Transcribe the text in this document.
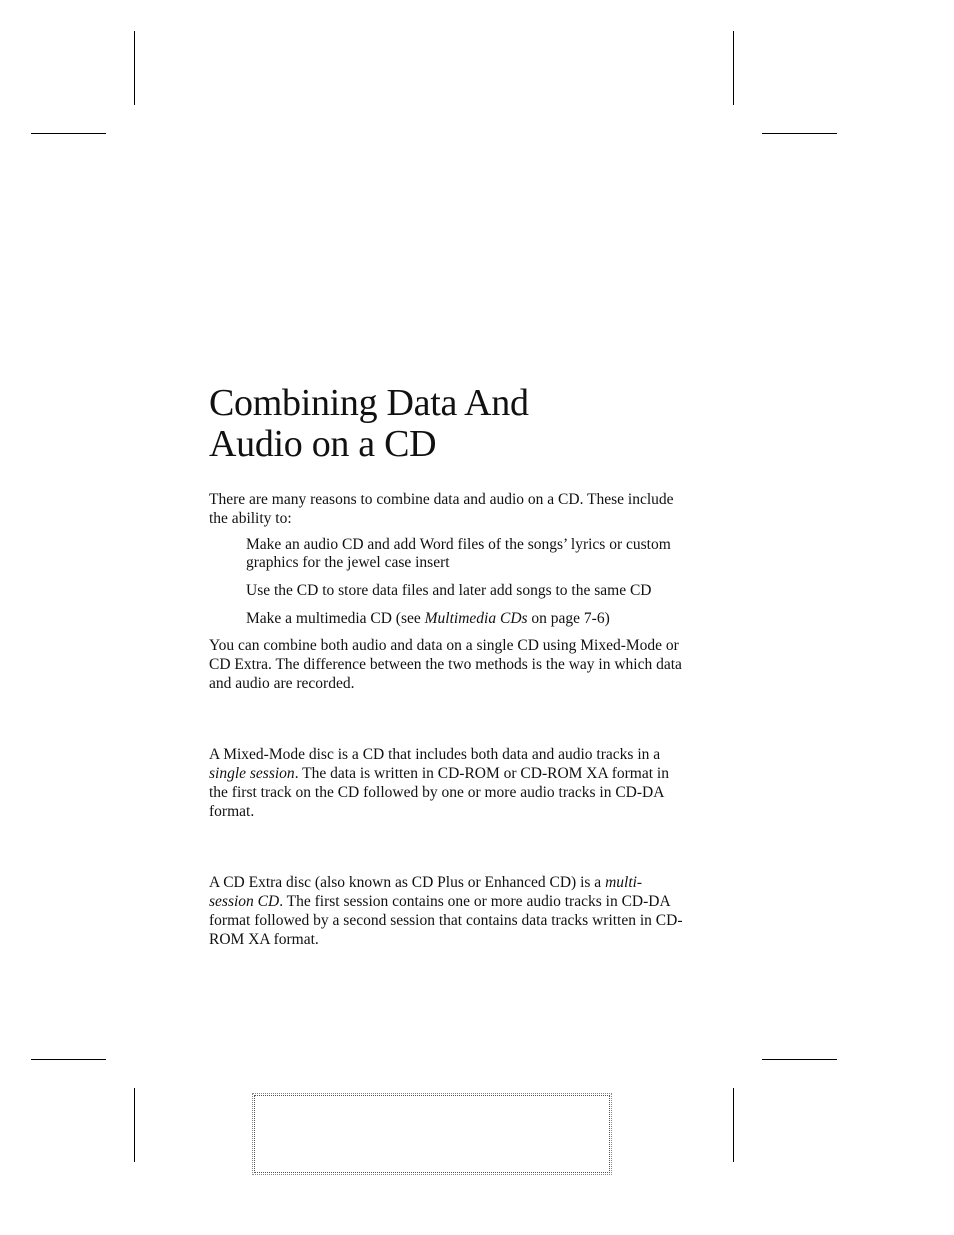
Combining Data And
Audio on a CD

There are many reasons to combine data and audio on a CD. These include the ability to:

Make an audio CD and add Word files of the songs’ lyrics or custom graphics for the jewel case insert
Use the CD to store data files and later add songs to the same CD
Make a multimedia CD (see Multimedia CDs on page 7-6)

You can combine both audio and data on a single CD using Mixed-Mode or CD Extra. The difference between the two methods is the way in which data and audio are recorded.

A Mixed-Mode disc is a CD that includes both data and audio tracks in a single session. The data is written in CD-ROM or CD-ROM XA format in the first track on the CD followed by one or more audio tracks in CD-DA format.

A CD Extra disc (also known as CD Plus or Enhanced CD) is a multi-session CD. The first session contains one or more audio tracks in CD-DA format followed by a second session that contains data tracks written in CD-ROM XA format.
